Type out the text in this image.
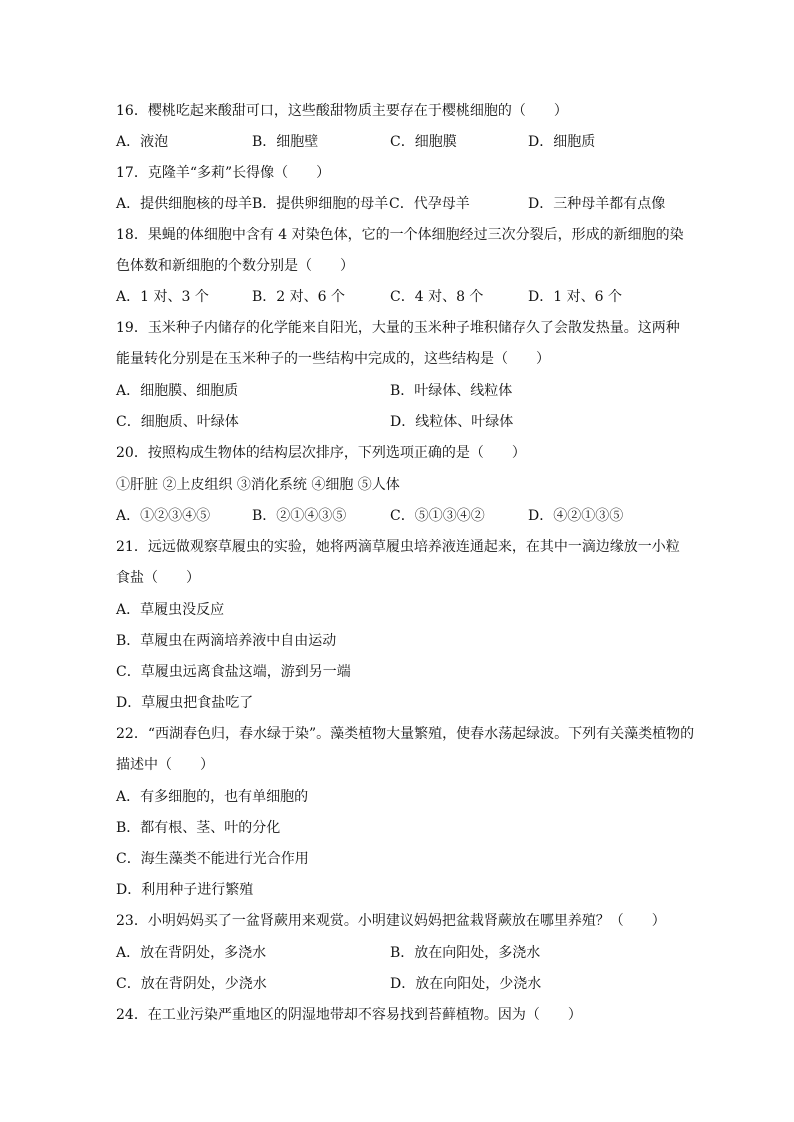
16．樱桃吃起来酸甜可口，这些酸甜物质主要存在于樱桃细胞的（　　）
A．液泡	B．细胞壁	C．细胞膜	D．细胞质
17．克隆羊“多莉”长得像（　　）
A．提供细胞核的母羊 B．提供卵细胞的母羊 C．代孕母羊	D．三种母羊都有点像
18．果蝇的体细胞中含有 4 对染色体，它的一个体细胞经过三次分裂后，形成的新细胞的染
色体数和新细胞的个数分别是（　　）
A．1 对、3 个	B．2 对、6 个	C．4 对、8 个	D．1 对、6 个
19．玉米种子内储存的化学能来自阳光，大量的玉米种子堆积储存久了会散发热量。这两种
能量转化分别是在玉米种子的一些结构中完成的，这些结构是（　　）
A．细胞膜、细胞质	B．叶绿体、线粒体
C．细胞质、叶绿体	D．线粒体、叶绿体
20．按照构成生物体的结构层次排序，下列选项正确的是（　　）
①肝脏 ②上皮组织 ③消化系统 ④细胞 ⑤人体
A．①②③④⑤	B．②①④③⑤	C．⑤①③④②	D．④②①③⑤
21．远远做观察草履虫的实验，她将两滴草履虫培养液连通起来，在其中一滴边缘放一小粒
食盐（　　）
A．草履虫没反应
B．草履虫在两滴培养液中自由运动
C．草履虫远离食盐这端，游到另一端
D．草履虫把食盐吃了
22．“西湖春色归，春水绿于染”。藻类植物大量繁殖，使春水荡起绿波。下列有关藻类植物的
描述中（　　）
A．有多细胞的，也有单细胞的
B．都有根、茎、叶的分化
C．海生藻类不能进行光合作用
D．利用种子进行繁殖
23．小明妈妈买了一盆肾蕨用来观赏。小明建议妈妈把盆栽肾蕨放在哪里养殖？（　　）
A．放在背阴处，多浇水	B．放在向阳处，多浇水
C．放在背阴处，少浇水	D．放在向阳处，少浇水
24．在工业污染严重地区的阴湿地带却不容易找到苔藓植物。因为（　　）
